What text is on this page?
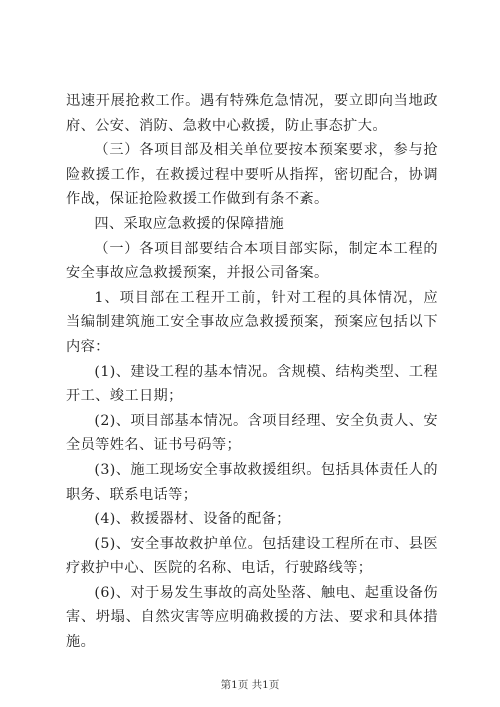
迅速开展抢救工作。遇有特殊危急情况，要立即向当地政府、公安、消防、急救中心救援，防止事态扩大。

（三）各项目部及相关单位要按本预案要求，参与抢险救援工作，在救援过程中要听从指挥，密切配合，协调作战，保证抢险救援工作做到有条不紊。

四、采取应急救援的保障措施

（一）各项目部要结合本项目部实际，制定本工程的安全事故应急救援预案，并报公司备案。

1、项目部在工程开工前，针对工程的具体情况，应当编制建筑施工安全事故应急救援预案，预案应包括以下内容：

(1)、建设工程的基本情况。含规模、结构类型、工程开工、竣工日期；

(2)、项目部基本情况。含项目经理、安全负责人、安全员等姓名、证书号码等；

(3)、施工现场安全事故救援组织。包括具体责任人的职务、联系电话等；

(4)、救援器材、设备的配备；

(5)、安全事故救护单位。包括建设工程所在市、县医疗救护中心、医院的名称、电话，行驶路线等；

(6)、对于易发生事故的高处坠落、触电、起重设备伤害、坍塌、自然灾害等应明确救援的方法、要求和具体措施。

第1页 共1页
